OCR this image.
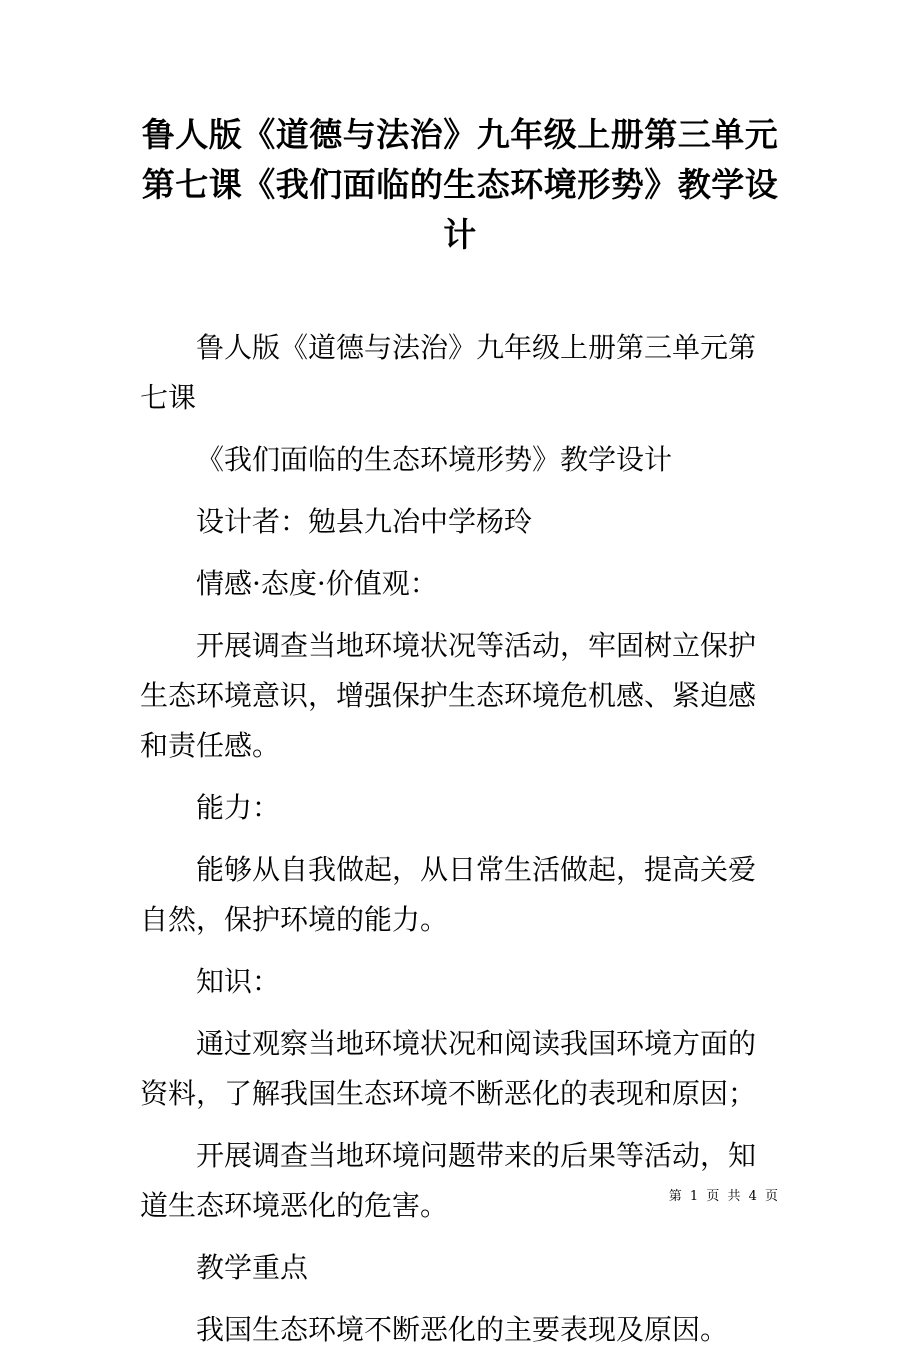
鲁人版《道德与法治》九年级上册第三单元第七课《我们面临的生态环境形势》教学设计

鲁人版《道德与法治》九年级上册第三单元第七课

《我们面临的生态环境形势》教学设计

设计者：勉县九冶中学杨玲

情感·态度·价值观：

开展调查当地环境状况等活动，牢固树立保护生态环境意识，增强保护生态环境危机感、紧迫感和责任感。

能力：

能够从自我做起，从日常生活做起，提高关爱自然，保护环境的能力。

知识：

通过观察当地环境状况和阅读我国环境方面的资料，了解我国生态环境不断恶化的表现和原因；

开展调查当地环境问题带来的后果等活动，知道生态环境恶化的危害。

教学重点

我国生态环境不断恶化的主要表现及原因。

第 1 页 共 4 页
